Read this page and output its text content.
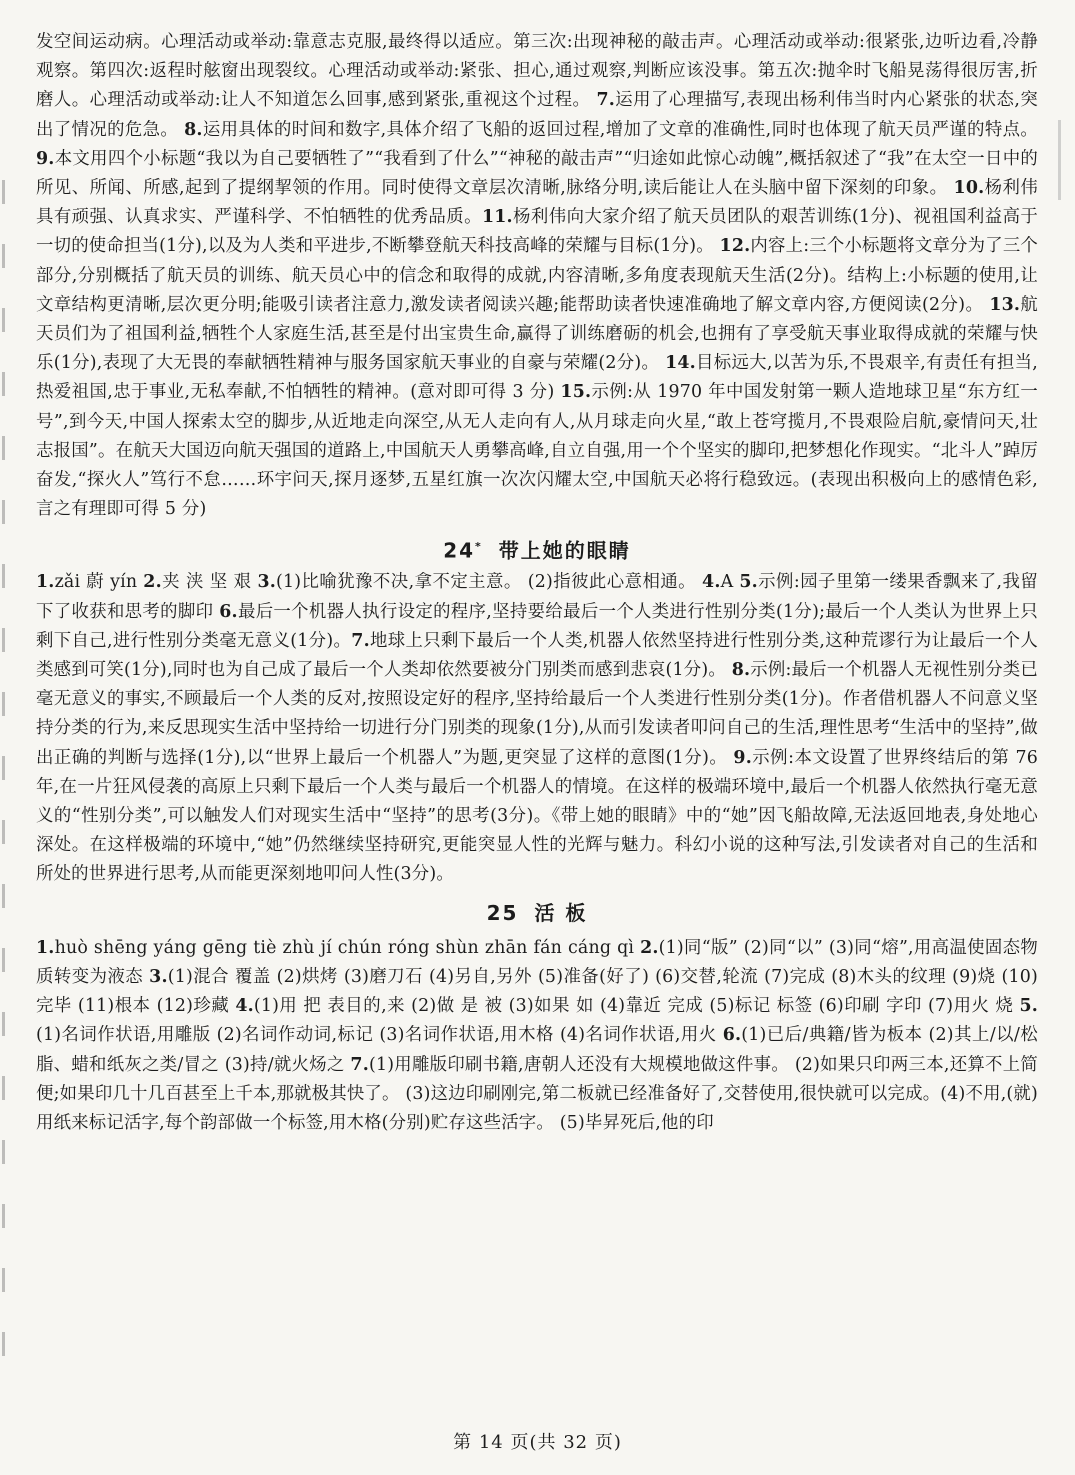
发空间运动病。心理活动或举动:靠意志克服,最终得以适应。第三次:出现神秘的敲击声。心理活动或举动:很紧张,边听边看,冷静观察。第四次:返程时舷窗出现裂纹。心理活动或举动:紧张、担心,通过观察,判断应该没事。第五次:抛伞时飞船晃荡得很厉害,折磨人。心理活动或举动:让人不知道怎么回事,感到紧张,重视这个过程。 7.运用了心理描写,表现出杨利伟当时内心紧张的状态,突出了情况的危急。 8.运用具体的时间和数字,具体介绍了飞船的返回过程,增加了文章的准确性,同时也体现了航天员严谨的特点。9.本文用四个小标题“我以为自己要牺牲了”“我看到了什么”“神秘的敲击声”“归途如此惊心动魄”,概括叙述了“我”在太空一日中的所见、所闻、所感,起到了提纲挈领的作用。同时使得文章层次清晰,脉络分明,读后能让人在头脑中留下深刻的印象。 10.杨利伟具有顽强、认真求实、严谨科学、不怕牺牲的优秀品质。11.杨利伟向大家介绍了航天员团队的艰苦训练(1分)、视祖国利益高于一切的使命担当(1分),以及为人类和平进步,不断攀登航天科技高峰的荣耀与目标(1分)。 12.内容上:三个小标题将文章分为了三个部分,分别概括了航天员的训练、航天员心中的信念和取得的成就,内容清晰,多角度表现航天生活(2分)。结构上:小标题的使用,让文章结构更清晰,层次更分明;能吸引读者注意力,激发读者阅读兴趣;能帮助读者快速准确地了解文章内容,方便阅读(2分)。 13.航天员们为了祖国利益,牺牲个人家庭生活,甚至是付出宝贵生命,赢得了训练磨砺的机会,也拥有了享受航天事业取得成就的荣耀与快乐(1分),表现了大无畏的奉献牺牲精神与服务国家航天事业的自豪与荣耀(2分)。 14.目标远大,以苦为乐,不畏艰辛,有责任有担当,热爱祖国,忠于事业,无私奉献,不怕牺牲的精神。(意对即可得 3 分) 15.示例:从 1970 年中国发射第一颗人造地球卫星“东方红一号”,到今天,中国人探索太空的脚步,从近地走向深空,从无人走向有人,从月球走向火星,“敢上苍穹揽月,不畏艰险启航,豪情问天,壮志报国”。在航天大国迈向航天强国的道路上,中国航天人勇攀高峰,自立自强,用一个个坚实的脚印,把梦想化作现实。“北斗人”踔厉奋发,“探火人”笃行不怠……环宇问天,探月逐梦,五星红旗一次次闪耀太空,中国航天必将行稳致远。(表现出积极向上的感情色彩,言之有理即可得 5 分)

24* 带上她的眼睛

1.zǎi 蔚 yín 2.夹 浃 坚 艰 3.(1)比喻犹豫不决,拿不定主意。 (2)指彼此心意相通。 4.A 5.示例:园子里第一缕果香飘来了,我留下了收获和思考的脚印 6.最后一个机器人执行设定的程序,坚持要给最后一个人类进行性别分类(1分);最后一个人类认为世界上只剩下自己,进行性别分类毫无意义(1分)。7.地球上只剩下最后一个人类,机器人依然坚持进行性别分类,这种荒谬行为让最后一个人类感到可笑(1分),同时也为自己成了最后一个人类却依然要被分门别类而感到悲哀(1分)。 8.示例:最后一个机器人无视性别分类已毫无意义的事实,不顾最后一个人类的反对,按照设定好的程序,坚持给最后一个人类进行性别分类(1分)。作者借机器人不问意义坚持分类的行为,来反思现实生活中坚持给一切进行分门别类的现象(1分),从而引发读者叩问自己的生活,理性思考“生活中的坚持”,做出正确的判断与选择(1分),以“世界上最后一个机器人”为题,更突显了这样的意图(1分)。 9.示例:本文设置了世界终结后的第 76 年,在一片狂风侵袭的高原上只剩下最后一个人类与最后一个机器人的情境。在这样的极端环境中,最后一个机器人依然执行毫无意义的“性别分类”,可以触发人们对现实生活中“坚持”的思考(3分)。《带上她的眼睛》中的“她”因飞船故障,无法返回地表,身处地心深处。在这样极端的环境中,“她”仍然继续坚持研究,更能突显人性的光辉与魅力。科幻小说的这种写法,引发读者对自己的生活和所处的世界进行思考,从而能更深刻地叩问人性(3分)。

25 活 板

1.huò shēng yáng gēng tiè zhù jí chún róng shùn zhān fán cáng qì 2.(1)同“版” (2)同“以” (3)同“熔”,用高温使固态物质转变为液态 3.(1)混合 覆盖 (2)烘烤 (3)磨刀石 (4)另自,另外 (5)准备(好了) (6)交替,轮流 (7)完成 (8)木头的纹理 (9)烧 (10)完毕 (11)根本 (12)珍藏 4.(1)用 把 表目的,来 (2)做 是 被 (3)如果 如 (4)靠近 完成 (5)标记 标签 (6)印刷 字印 (7)用火 烧 5.(1)名词作状语,用雕版 (2)名词作动词,标记 (3)名词作状语,用木格 (4)名词作状语,用火 6.(1)已后/典籍/皆为板本 (2)其上/以/松脂、蜡和纸灰之类/冒之 (3)持/就火炀之 7.(1)用雕版印刷书籍,唐朝人还没有大规模地做这件事。 (2)如果只印两三本,还算不上简便;如果印几十几百甚至上千本,那就极其快了。 (3)这边印刷刚完,第二板就已经准备好了,交替使用,很快就可以完成。(4)不用,(就)用纸来标记活字,每个韵部做一个标签,用木格(分别)贮存这些活字。 (5)毕昇死后,他的印

第 14 页(共 32 页)
